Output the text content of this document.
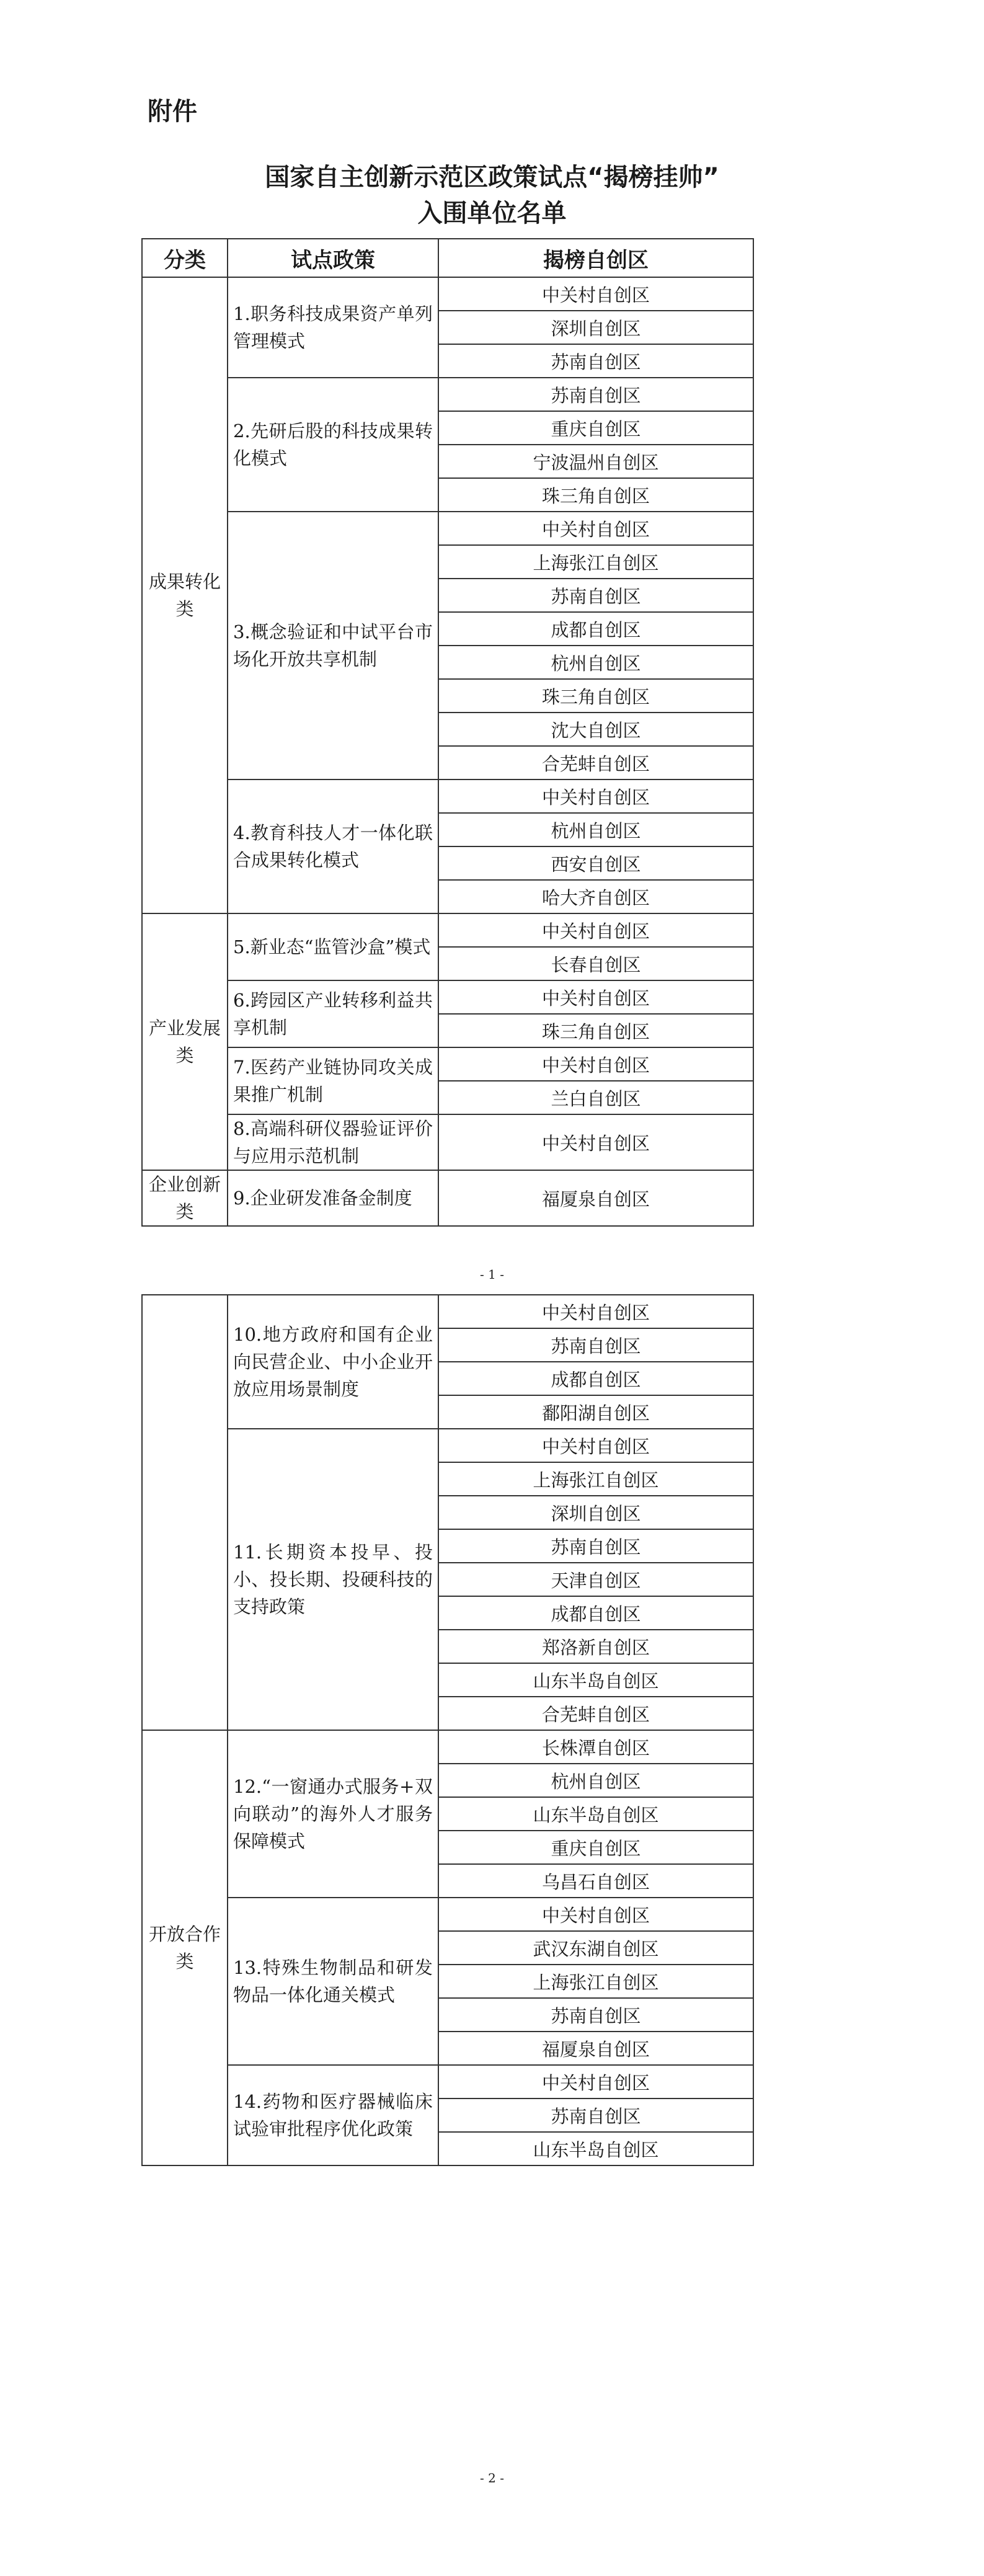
附件
国家自主创新示范区政策试点“揭榜挂帅”
入围单位名单
分类	试点政策	揭榜自创区
成果转化类	1.职务科技成果资产单列管理模式	中关村自创区
		深圳自创区
		苏南自创区
	2.先研后股的科技成果转化模式	苏南自创区
		重庆自创区
		宁波温州自创区
		珠三角自创区
	3.概念验证和中试平台市场化开放共享机制	中关村自创区
		上海张江自创区
		苏南自创区
		成都自创区
		杭州自创区
		珠三角自创区
		沈大自创区
		合芜蚌自创区
	4.教育科技人才一体化联合成果转化模式	中关村自创区
		杭州自创区
		西安自创区
		哈大齐自创区
产业发展类	5.新业态“监管沙盒”模式	中关村自创区
		长春自创区
	6.跨园区产业转移利益共享机制	中关村自创区
		珠三角自创区
	7.医药产业链协同攻关成果推广机制	中关村自创区
		兰白自创区
	8.高端科研仪器验证评价与应用示范机制	中关村自创区
企业创新类	9.企业研发准备金制度	福厦泉自创区
- 1 -
	10.地方政府和国有企业向民营企业、中小企业开放应用场景制度	中关村自创区
		苏南自创区
		成都自创区
		鄱阳湖自创区
	11.长期资本投早、投小、投长期、投硬科技的支持政策	中关村自创区
		上海张江自创区
		深圳自创区
		苏南自创区
		天津自创区
		成都自创区
		郑洛新自创区
		山东半岛自创区
		合芜蚌自创区
开放合作类	12.“一窗通办式服务+双向联动”的海外人才服务保障模式	长株潭自创区
		杭州自创区
		山东半岛自创区
		重庆自创区
		乌昌石自创区
	13.特殊生物制品和研发物品一体化通关模式	中关村自创区
		武汉东湖自创区
		上海张江自创区
		苏南自创区
		福厦泉自创区
	14.药物和医疗器械临床试验审批程序优化政策	中关村自创区
		苏南自创区
		山东半岛自创区
- 2 -
